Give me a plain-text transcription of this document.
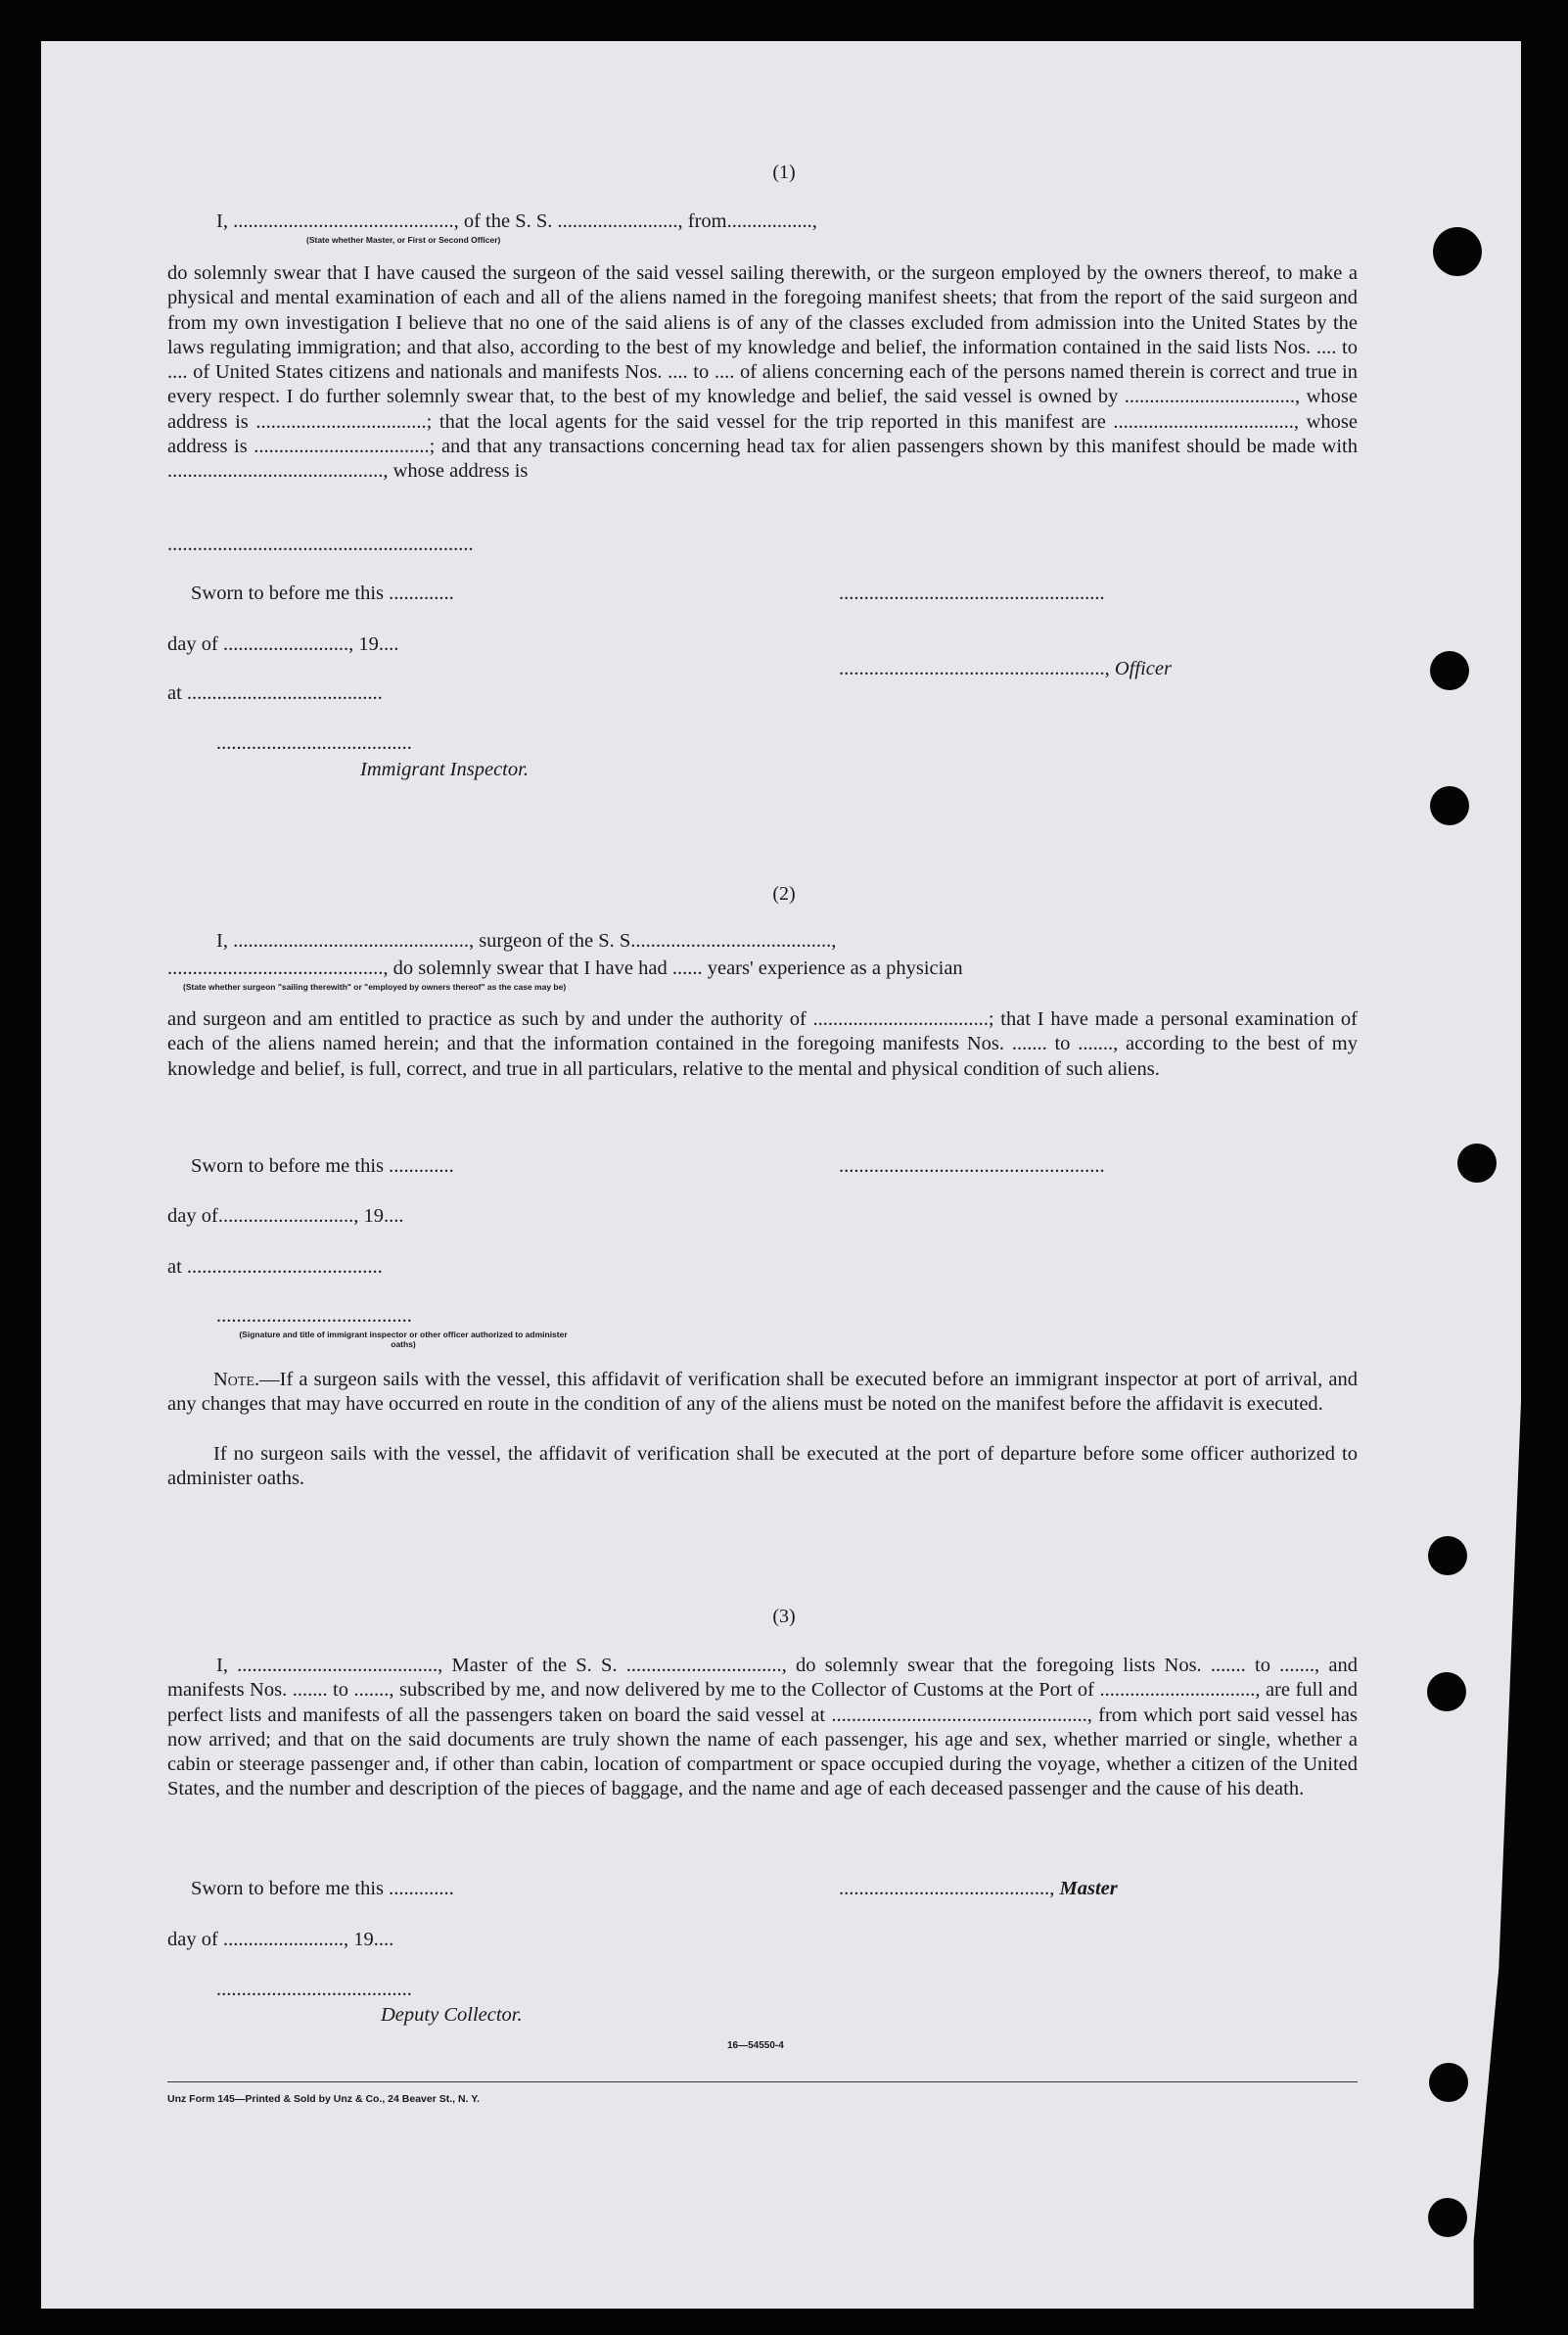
(1)
I, ............................................, of the S. S. ........................, from.................,
(State whether Master, or First or Second Officer)
do solemnly swear that I have caused the surgeon of the said vessel sailing therewith, or the surgeon employed by the owners thereof, to make a physical and mental examination of each and all of the aliens named in the foregoing manifest sheets; that from the report of the said surgeon and from my own investigation I believe that no one of the said aliens is of any of the classes excluded from admission into the United States by the laws regulating immigration; and that also, according to the best of my knowledge and belief, the information contained in the said lists Nos. .... to .... of United States citizens and nationals and manifests Nos. .... to .... of aliens concerning each of the persons named therein is correct and true in every respect. I do further solemnly swear that, to the best of my knowledge and belief, the said vessel is owned by .................................., whose address is ..................................; that the local agents for the said vessel for the trip reported in this manifest are ...................................., whose address is ...................................; and that any transactions concerning head tax for alien passengers shown by this manifest should be made with ..........................................., whose address is
.............................................................
Sworn to before me this .............	.....................................................
day of ........................., 19....
....................................................., Officer
at .......................................
.......................................
Immigrant Inspector.
(2)
I, ..............................................., surgeon of the S. S........................................,
..........................................., do solemnly swear that I have had ...... years' experience as a physician
(State whether surgeon "sailing therewith" or "employed by owners thereof" as the case may be)
and surgeon and am entitled to practice as such by and under the authority of ...................................; that I have made a personal examination of each of the aliens named herein; and that the information contained in the foregoing manifests Nos. ....... to ......., according to the best of my knowledge and belief, is full, correct, and true in all particulars, relative to the mental and physical condition of such aliens.
Sworn to before me this .............	.....................................................
day of..........................., 19....
at .......................................
.......................................
(Signature and title of immigrant inspector or other officer authorized to administer oaths)
Note.—If a surgeon sails with the vessel, this affidavit of verification shall be executed before an immigrant inspector at port of arrival, and any changes that may have occurred en route in the condition of any of the aliens must be noted on the manifest before the affidavit is executed.
If no surgeon sails with the vessel, the affidavit of verification shall be executed at the port of departure before some officer authorized to administer oaths.
(3)
I, ........................................, Master of the S. S. ..............................., do solemnly swear that the foregoing lists Nos. ....... to ......., and manifests Nos. ....... to ......., subscribed by me, and now delivered by me to the Collector of Customs at the Port of ..............................., are full and perfect lists and manifests of all the passengers taken on board the said vessel at ..................................................., from which port said vessel has now arrived; and that on the said documents are truly shown the name of each passenger, his age and sex, whether married or single, whether a cabin or steerage passenger and, if other than cabin, location of compartment or space occupied during the voyage, whether a citizen of the United States, and the number and description of the pieces of baggage, and the name and age of each deceased passenger and the cause of his death.
Sworn to before me this .............	.........................................., Master
day of ........................, 19....
.......................................
Deputy Collector.
16—54550-4
Unz Form 145—Printed & Sold by Unz & Co., 24 Beaver St., N. Y.
